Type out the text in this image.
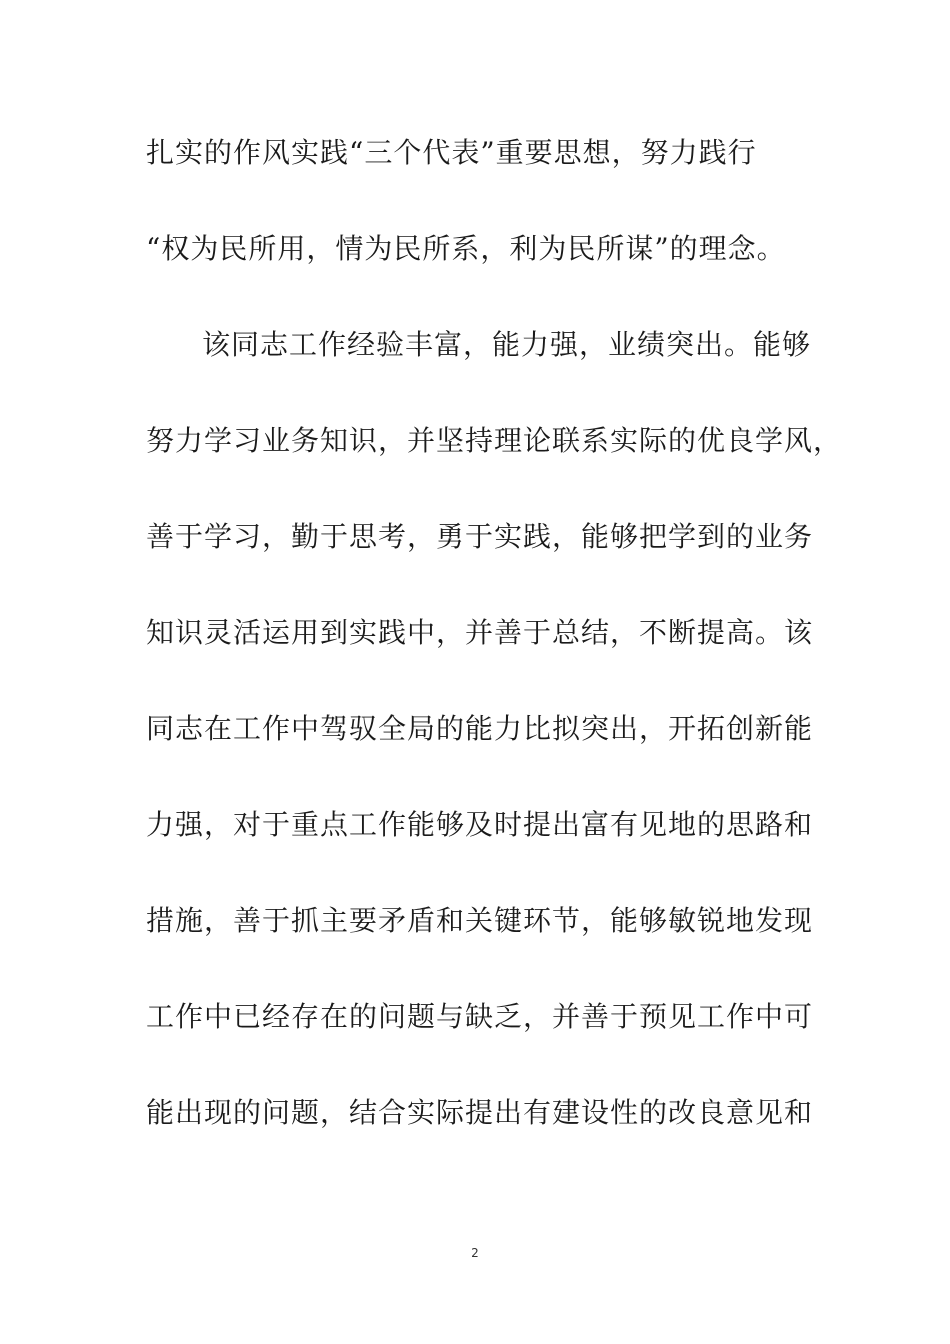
扎实的作风实践“三个代表”重要思想，努力践行
“权为民所用，情为民所系，利为民所谋”的理念。
该同志工作经验丰富，能力强，业绩突出。能够
努力学习业务知识，并坚持理论联系实际的优良学风，
善于学习，勤于思考，勇于实践，能够把学到的业务
知识灵活运用到实践中，并善于总结，不断提高。该
同志在工作中驾驭全局的能力比拟突出，开拓创新能
力强，对于重点工作能够及时提出富有见地的思路和
措施，善于抓主要矛盾和关键环节，能够敏锐地发现
工作中已经存在的问题与缺乏，并善于预见工作中可
能出现的问题，结合实际提出有建设性的改良意见和
2
